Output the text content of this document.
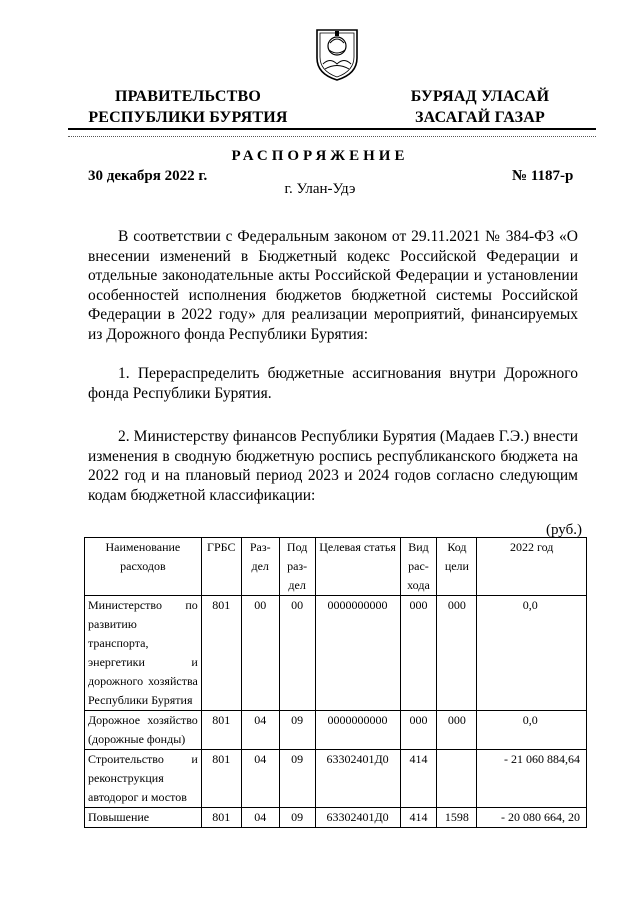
ПРАВИТЕЛЬСТВО
РЕСПУБЛИКИ БУРЯТИЯ
БУРЯАД УЛАСАЙ
ЗАСАГАЙ ГАЗАР
РАСПОРЯЖЕНИЕ
30 декабря 2022 г.	№ 1187-р
г. Улан-Удэ
В соответствии с Федеральным законом от 29.11.2021 № 384-ФЗ «О внесении изменений в Бюджетный кодекс Российской Федерации и отдельные законодательные акты Российской Федерации и установлении особенностей исполнения бюджетов бюджетной системы Российской Федерации в 2022 году» для реализации мероприятий, финансируемых из Дорожного фонда Республики Бурятия:
1. Перераспределить бюджетные ассигнования внутри Дорожного фонда Республики Бурятия.
2. Министерству финансов Республики Бурятия (Мадаев Г.Э.) внести изменения в сводную бюджетную роспись республиканского бюджета на 2022 год и на плановый период 2023 и 2024 годов согласно следующим кодам бюджетной классификации:
(руб.)
Наименование расходов	ГРБС	Раз-дел	Под раз-дел	Целевая статья	Вид рас-хода	Код цели	2022 год
Министерство по развитию транспорта, энергетики и дорожного хозяйства Республики Бурятия	801	00	00	0000000000	000	000	0,0
Дорожное хозяйство (дорожные фонды)	801	04	09	0000000000	000	000	0,0
Строительство и реконструкция автодорог и мостов	801	04	09	63302401Д0	414		- 21 060 884,64
Повышение	801	04	09	63302401Д0	414	1598	- 20 080 664, 20
